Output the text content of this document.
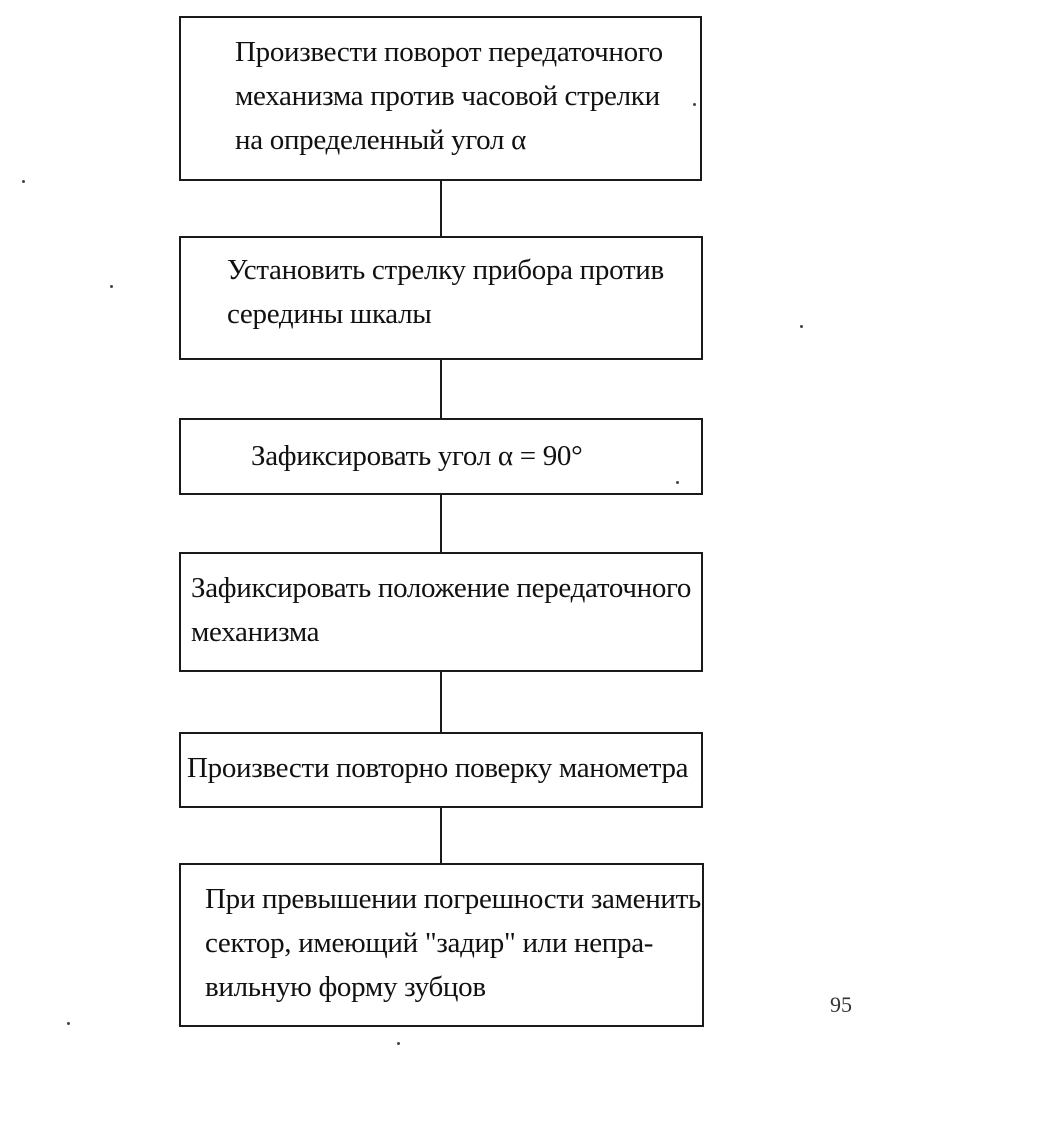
Произвести поворот передаточного
механизма против часовой стрелки
на определенный угол α
Установить стрелку прибора против
середины шкалы
Зафиксировать угол α = 90°
Зафиксировать положение передаточного
механизма
Произвести повторно поверку манометра
При превышении погрешности заменить
сектор, имеющий "задир" или непра-
вильную форму зубцов
95
